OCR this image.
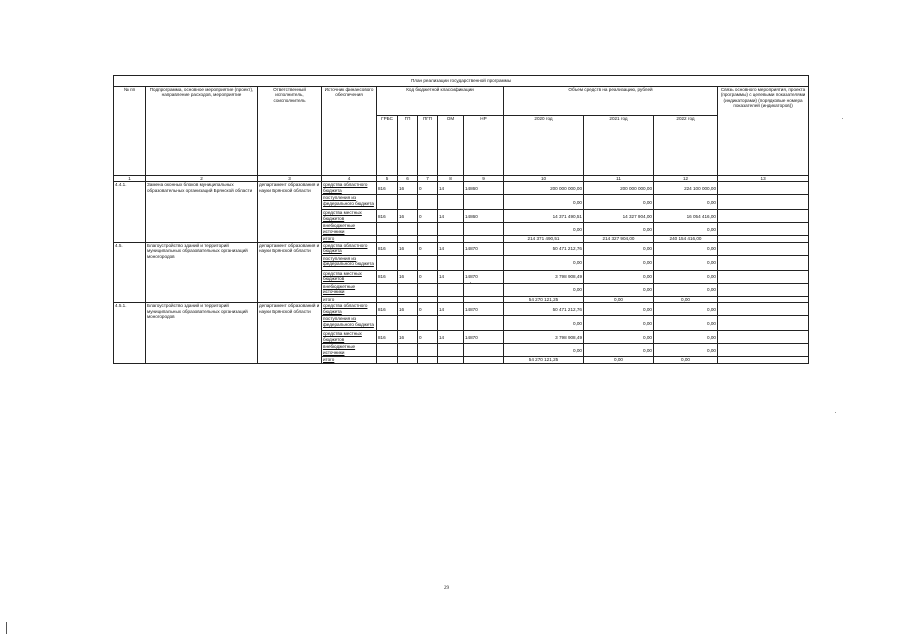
План реализации государственной программы												
№ пп	Подпрограмма, основное мероприятие (проект), направление расходов, мероприятие	Ответственный исполнитель, соисполнитель	Источник финансового обеспечения	Код бюджетной классификации					Объем средств на реализацию, рублей			Связь основного мероприятия, проекта (программы) с целевыми показателями (индикаторами) (порядковые номера показателей (индикаторов))
				ГРБС	ГП	ПГП	ОМ	НР	2020 год	2021 год	2022 год	
1	2	3	4	5	6	7	8	9	10	11	12	13
4.4.1.	Замена оконных блоков муниципальных образовательных организаций Брянской области	департамент образования и науки Брянской области	средства областного бюджета	816	16	0	14	14860	200 000 000,00	200 000 000,00	224 100 000,00	
			поступления из федерального бюджета						0,00	0,00	0,00	
			средства местных бюджетов	816	16	0	14	14860	14 371 490,51	14 327 904,00	16 054 416,00	
			внебюджетные источники						0,00	0,00	0,00	
			итого						214 371 490,51	214 327 904,00	240 154 416,00	
4.5.	Благоустройство зданий и территорий муниципальных образовательных организаций моногородов	департамент образования и науки Брянской области	средства областного бюджета	816	16	0	14	14870	50 471 212,76	0,00	0,00	
			поступления из федерального бюджета						0,00	0,00	0,00	
			средства местных бюджетов	816	16	0	14	14870	3 798 908,49	0,00	0,00	
			внебюджетные источники						0,00	0,00	0,00	
			итого						54 270 121,25	0,00	0,00	
4.5.1.	Благоустройство зданий и территорий муниципальных образовательных организаций моногородов	департамент образований и науки Брянской области	средства областного бюджета	816	16	0	14	14870	50 471 212,76	0,00	0,00	
			поступления из федерального бюджета						0,00	0,00	0,00	
			средства местных бюджетов	816	16	0	14	14870	3 798 908,49	0,00	0,00	
			внебюджетные источники						0,00	0,00	0,00	
			итого						54 270 121,25	0,00	0,00	
29
